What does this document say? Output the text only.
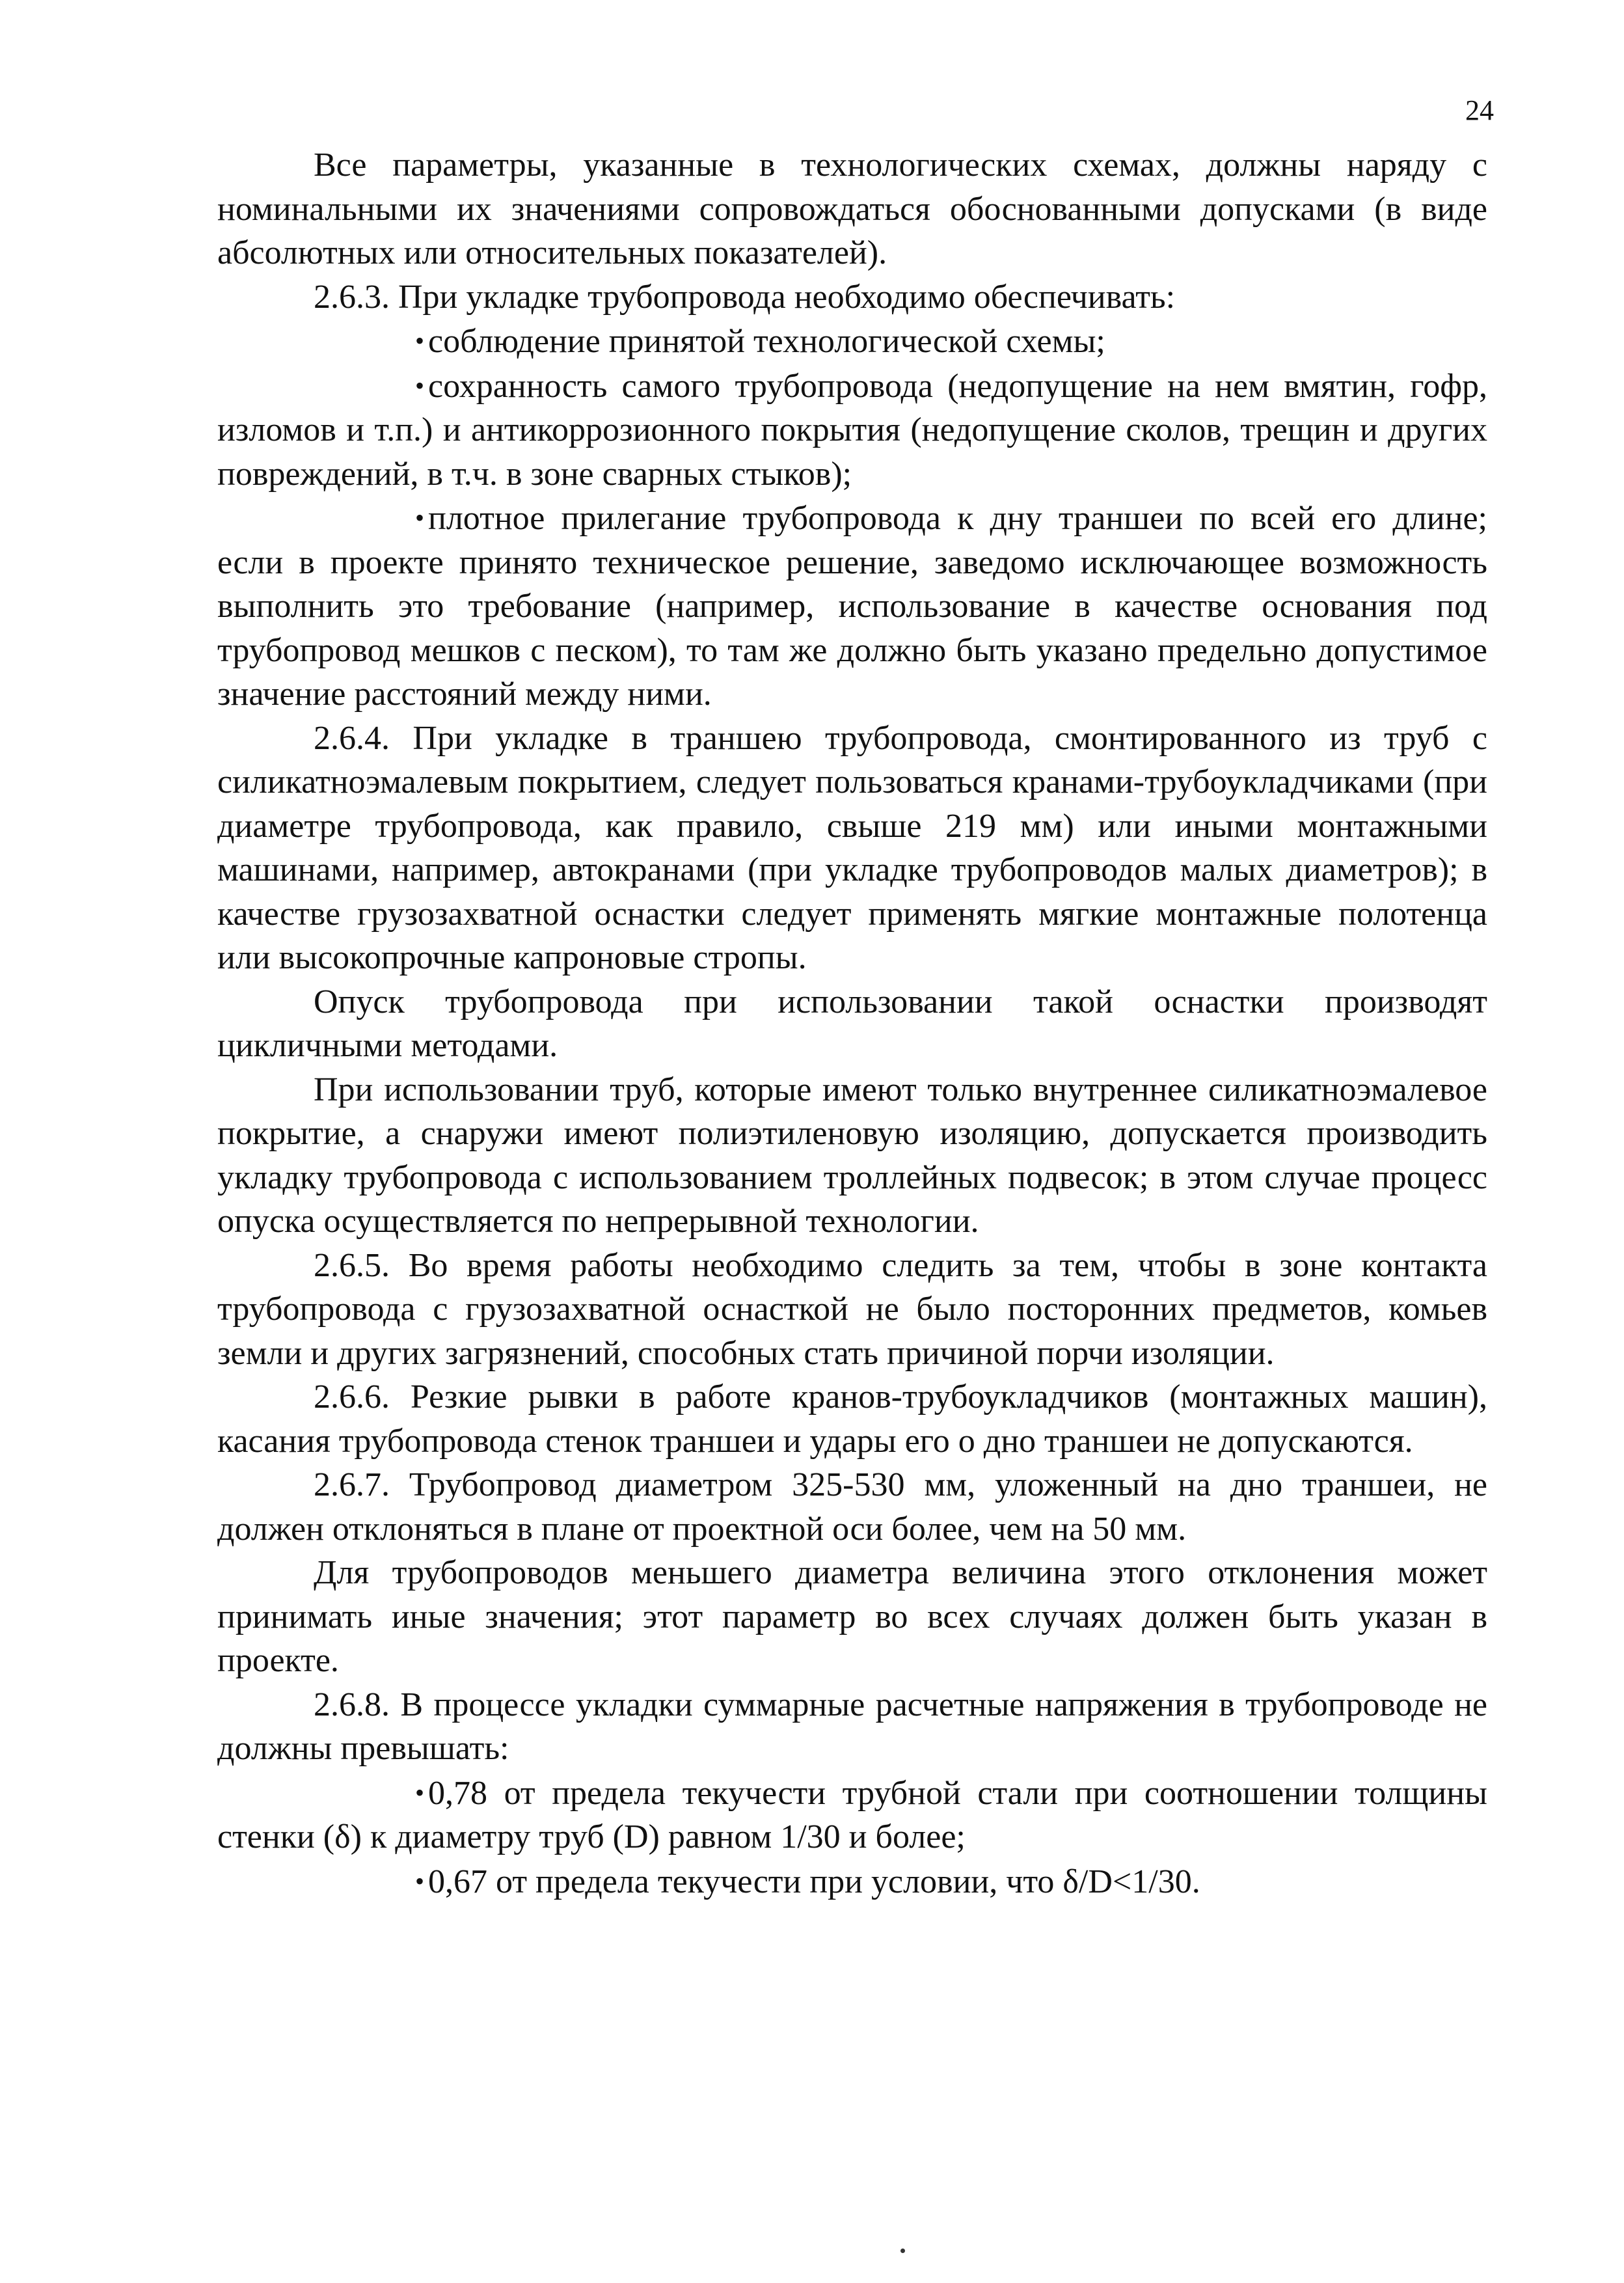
24

Все параметры, указанные в технологических схемах, должны наряду с номинальными их значениями сопровождаться обоснованными допусками (в виде абсолютных или относительных показателей).

2.6.3. При укладке трубопровода необходимо обеспечивать:

• соблюдение принятой технологической схемы;

• сохранность самого трубопровода (недопущение на нем вмятин, гофр, изломов и т.п.) и антикоррозионного покрытия (недопущение сколов, трещин и других повреждений, в т.ч. в зоне сварных стыков);

• плотное прилегание трубопровода к дну траншеи по всей его длине; если в проекте принято техническое решение, заведомо исключающее возможность выполнить это требование (например, использование в качестве основания под трубопровод мешков с песком), то там же должно быть указано предельно допустимое значение расстояний между ними.

2.6.4. При укладке в траншею трубопровода, смонтированного из труб с силикатноэмалевым покрытием, следует пользоваться кранами-трубоукладчиками (при диаметре трубопровода, как правило, свыше 219 мм) или иными монтажными машинами, например, автокранами (при укладке трубопроводов малых диаметров); в качестве грузозахватной оснастки следует применять мягкие монтажные полотенца или высокопрочные капроновые стропы.

Опуск трубопровода при использовании такой оснастки производят цикличными методами.

При использовании труб, которые имеют только внутреннее силикатноэмалевое покрытие, а снаружи имеют полиэтиленовую изоляцию, допускается производить укладку трубопровода с использованием троллейных подвесок; в этом случае процесс опуска осуществляется по непрерывной технологии.

2.6.5. Во время работы необходимо следить за тем, чтобы в зоне контакта трубопровода с грузозахватной оснасткой не было посторонних предметов, комьев земли и других загрязнений, способных стать причиной порчи изоляции.

2.6.6. Резкие рывки в работе кранов-трубоукладчиков (монтажных машин), касания трубопровода стенок траншеи и удары его о дно траншеи не допускаются.

2.6.7. Трубопровод диаметром 325-530 мм, уложенный на дно траншеи, не должен отклоняться в плане от проектной оси более, чем на 50 мм.

Для трубопроводов меньшего диаметра величина этого отклонения может принимать иные значения; этот параметр во всех случаях должен быть указан в проекте.

2.6.8. В процессе укладки суммарные расчетные напряжения в трубопроводе не должны превышать:

• 0,78 от предела текучести трубной стали при соотношении толщины стенки (δ) к диаметру труб (D) равном 1/30 и более;

• 0,67 от предела текучести при условии, что δ/D<1/30.
